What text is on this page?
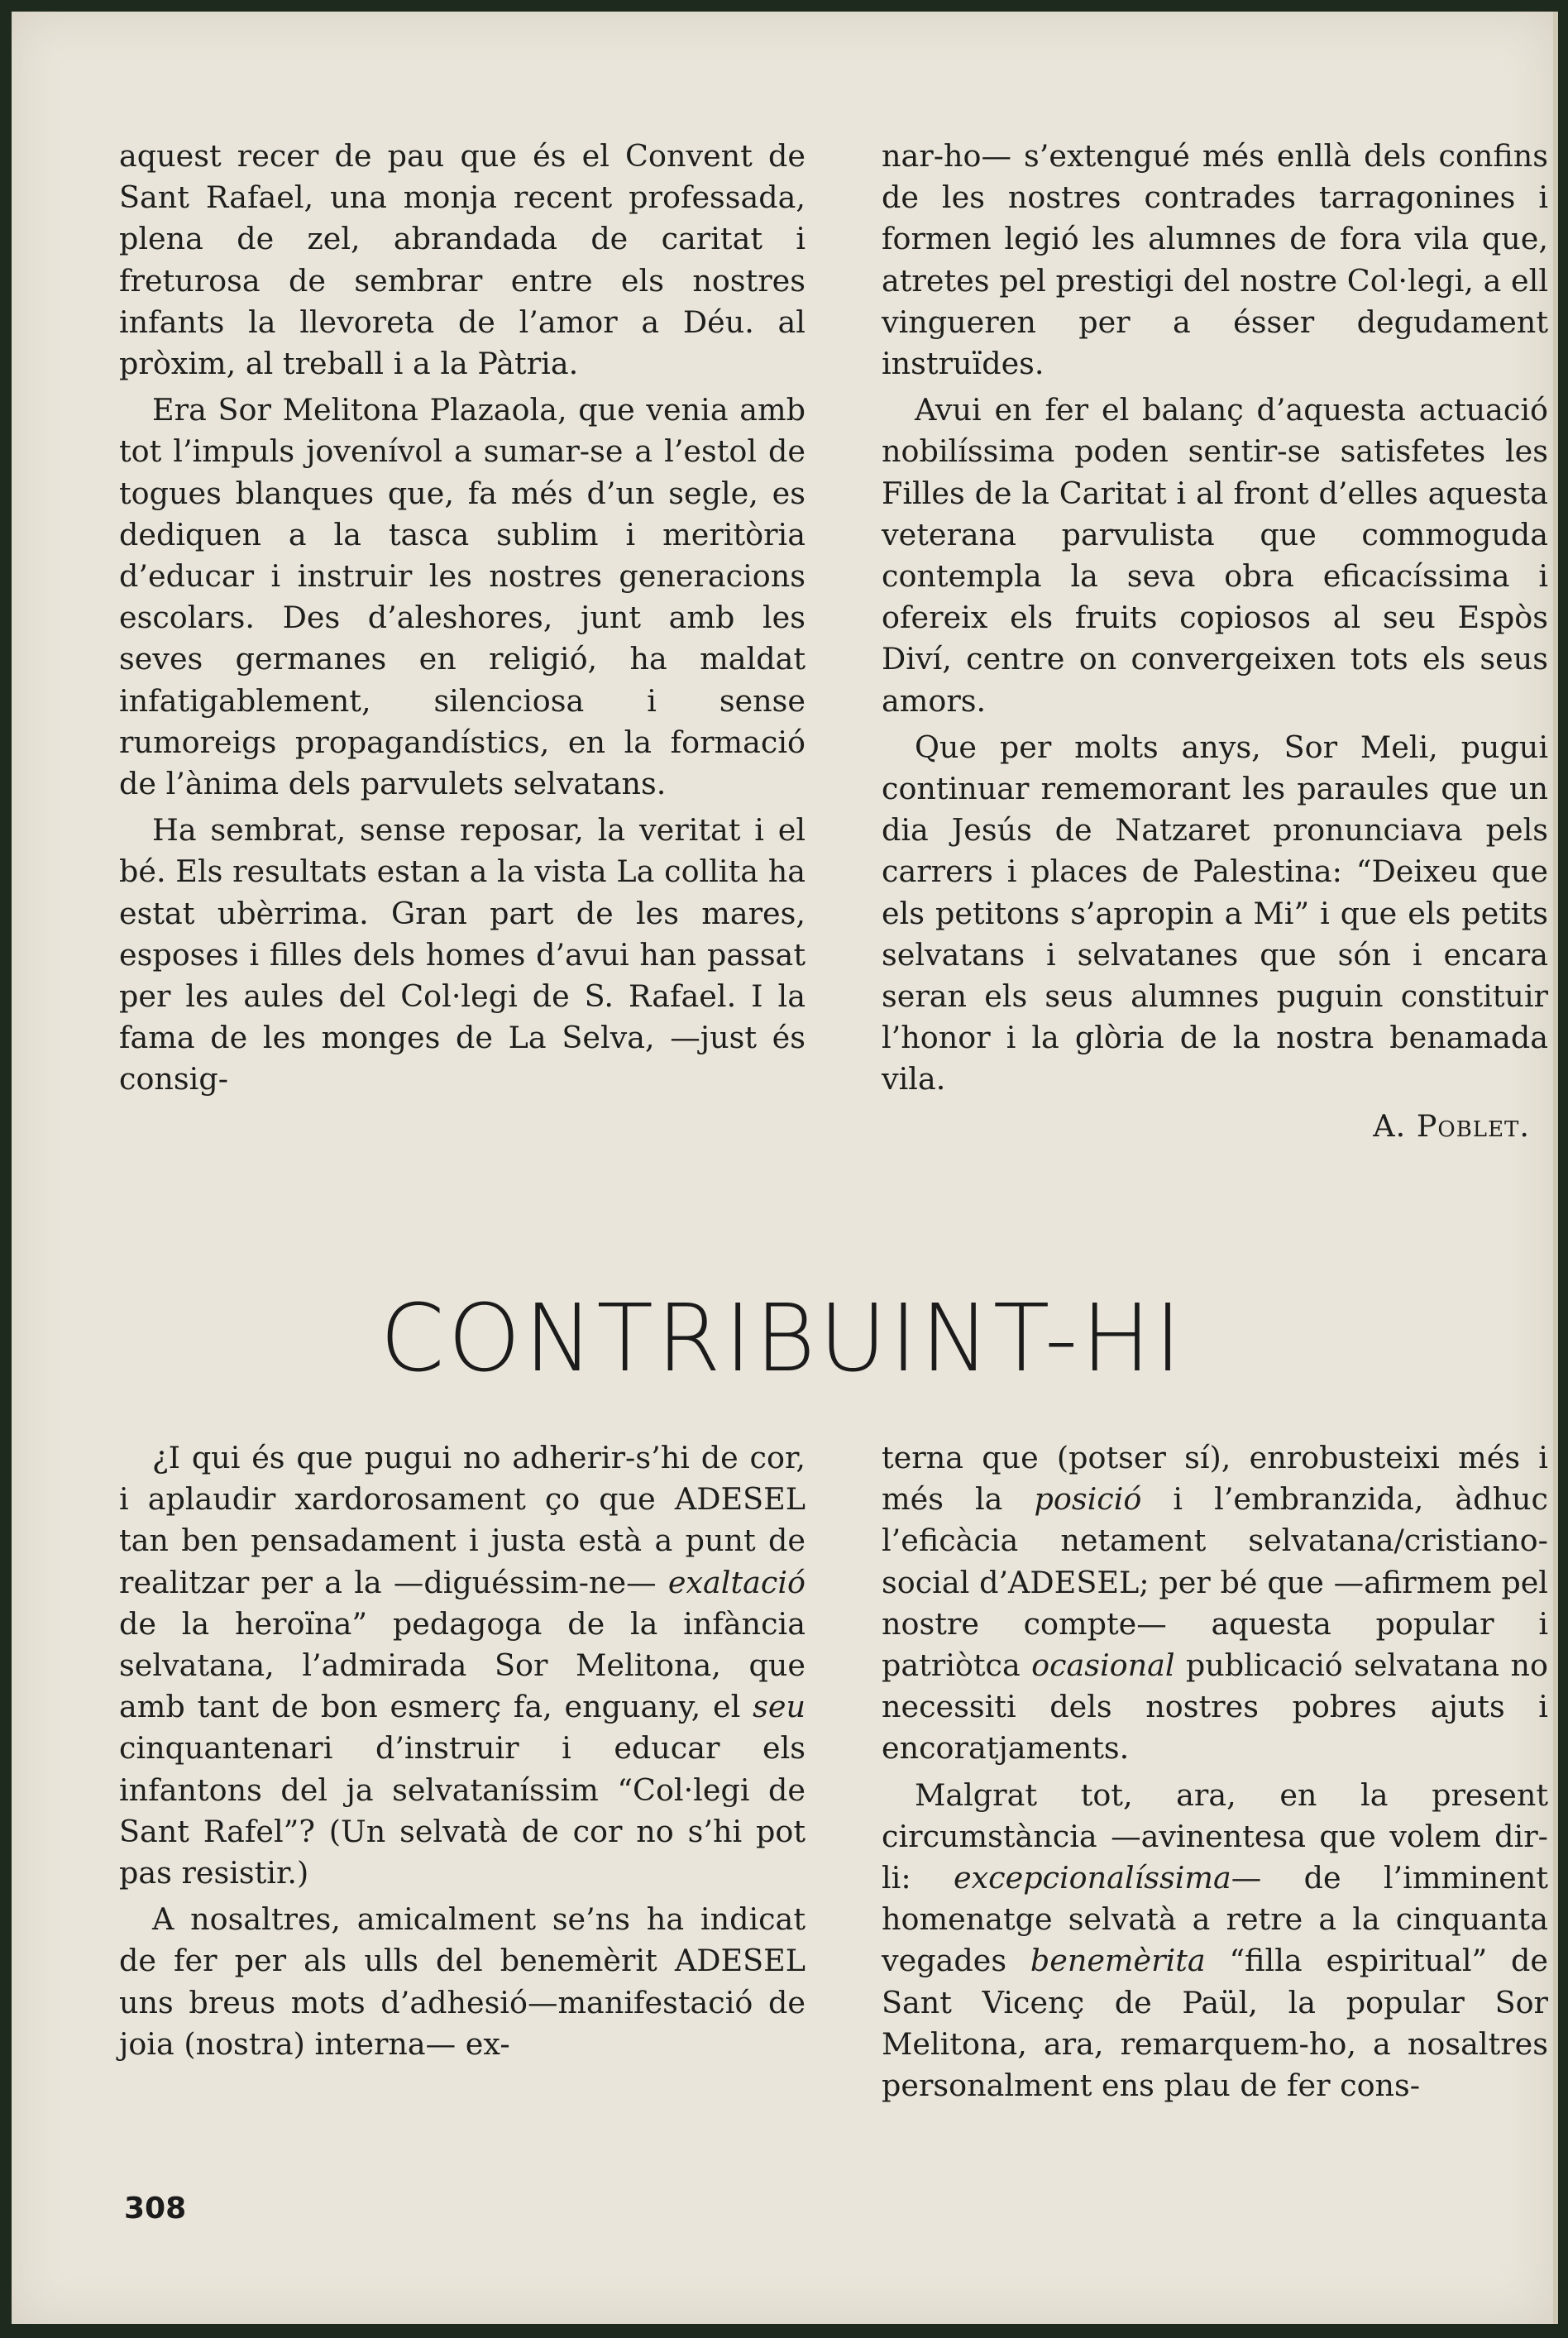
aquest recer de pau que és el Convent de Sant Rafael, una monja recent professada, plena de zel, abrandada de caritat i freturosa de sembrar entre els nostres infants la llevoreta de l’amor a Déu. al pròxim, al treball i a la Pàtria.

Era Sor Melitona Plazaola, que venia amb tot l’impuls jovenívol a sumar-se a l’estol de togues blanques que, fa més d’un segle, es dediquen a la tasca sublim i meritòria d’educar i instruir les nostres generacions escolars. Des d’aleshores, junt amb les seves germanes en religió, ha maldat infatigablement, silenciosa i sense rumoreigs propagandístics, en la formació de l’ànima dels parvulets selvatans.

Ha sembrat, sense reposar, la veritat i el bé. Els resultats estan a la vista La collita ha estat ubèrrima. Gran part de les mares, esposes i filles dels homes d’avui han passat per les aules del Col·legi de S. Rafael. I la fama de les monges de La Selva, —just és consig-

nar-ho— s’extengué més enllà dels confins de les nostres contrades tarragonines i formen legió les alumnes de fora vila que, atretes pel prestigi del nostre Col·legi, a ell vingueren per a ésser degudament instruïdes.

Avui en fer el balanç d’aquesta actuació nobilíssima poden sentir-se satisfetes les Filles de la Caritat i al front d’elles aquesta veterana parvulista que commoguda contempla la seva obra eficacíssima i ofereix els fruits copiosos al seu Espòs Diví, centre on convergeixen tots els seus amors.

Que per molts anys, Sor Meli, pugui continuar rememorant les paraules que un dia Jesús de Natzaret pronunciava pels carrers i places de Palestina: “Deixeu que els petitons s’apropin a Mi” i que els petits selvatans i selvatanes que són i encara seran els seus alumnes puguin constituir l’honor i la glòria de la nostra benamada vila.

A. Poblet.

CONTRIBUINT-HI

¿I qui és que pugui no adherir-s’hi de cor, i aplaudir xardorosament ço que ADESEL tan ben pensadament i justa està a punt de realitzar per a la —diguéssim-ne— exaltació de la heroïna” pedagoga de la infància selvatana, l’admirada Sor Melitona, que amb tant de bon esmerç fa, enguany, el seu cinquantenari d’instruir i educar els infantons del ja selvataníssim “Col·legi de Sant Rafel”? (Un selvatà de cor no s’hi pot pas resistir.)

A nosaltres, amicalment se’ns ha indicat de fer per als ulls del benemèrit ADESEL uns breus mots d’adhesió—manifestació de joia (nostra) interna— ex-

terna que (potser sí), enrobusteixi més i més la posició i l’embranzida, àdhuc l’eficàcia netament selvatana/cristiano-social d’ADESEL; per bé que —afirmem pel nostre compte— aquesta popular i patriòtca ocasional publicació selvatana no necessiti dels nostres pobres ajuts i encoratjaments.

Malgrat tot, ara, en la present circumstància —avinentesa que volem dir-li: excepcionalíssima— de l’imminent homenatge selvatà a retre a la cinquanta vegades benemèrita “filla espiritual” de Sant Vicenç de Paül, la popular Sor Melitona, ara, remarquem-ho, a nosaltres personalment ens plau de fer cons-

308
